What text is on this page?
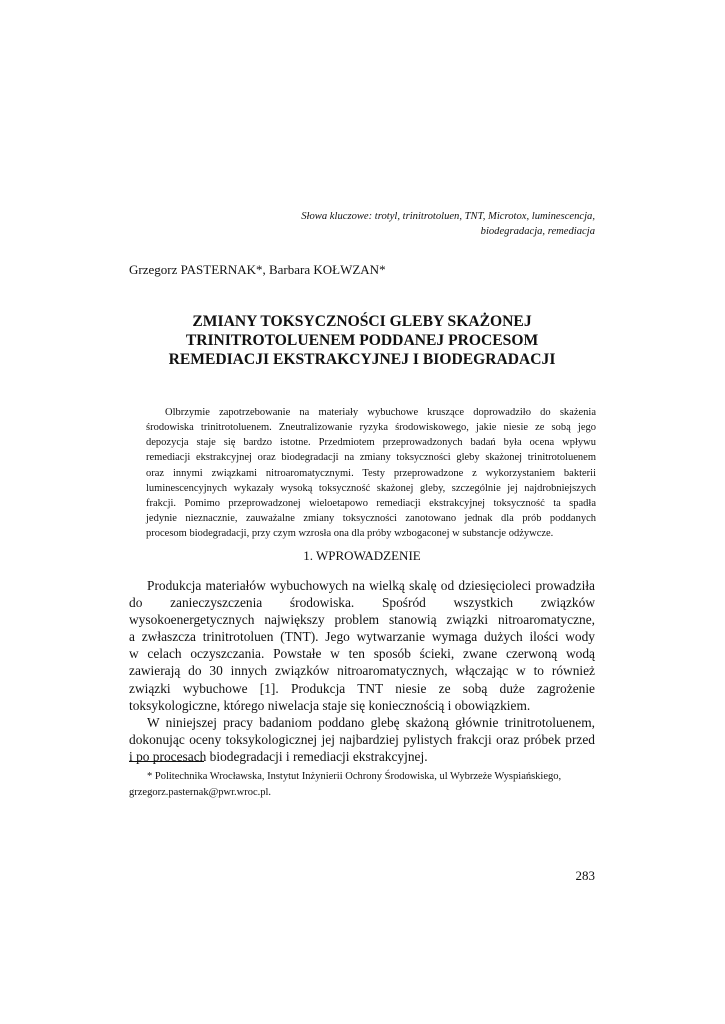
Słowa kluczowe: trotyl, trinitrotoluen, TNT, Microtox, luminescencja,
biodegradacja, remediacja
Grzegorz PASTERNAK*, Barbara KOŁWZAN*
ZMIANY TOKSYCZNOŚCI GLEBY SKAŻONEJ
TRINITROTOLUENEM PODDANEJ PROCESOM
REMEDIACJI EKSTRAKCYJNEJ I BIODEGRADACJI
Olbrzymie zapotrzebowanie na materiały wybuchowe kruszące doprowadziło do skażenia
środowiska trinitrotoluenem. Zneutralizowanie ryzyka środowiskowego, jakie niesie ze sobą jego
depozycja staje się bardzo istotne. Przedmiotem przeprowadzonych badań była ocena wpływu
remediacji ekstrakcyjnej oraz biodegradacji na zmiany toksyczności gleby skażonej trinitrotoluenem
oraz innymi związkami nitroaromatycznymi. Testy przeprowadzone z wykorzystaniem bakterii
luminescencyjnych wykazały wysoką toksyczność skażonej gleby, szczególnie jej najdrobniejszych
frakcji. Pomimo przeprowadzonej wieloetapowo remediacji ekstrakcyjnej toksyczność ta spadła
jedynie nieznacznie, zauważalne zmiany toksyczności zanotowano jednak dla prób poddanych
procesom biodegradacji, przy czym wzrosła ona dla próby wzbogaconej w substancje odżywcze.
1. WPROWADZENIE
Produkcja materiałów wybuchowych na wielką skalę od dziesięcioleci prowadziła
do zanieczyszczenia środowiska. Spośród wszystkich związków
wysokoenergetycznych największy problem stanowią związki nitroaromatyczne,
a zwłaszcza trinitrotoluen (TNT). Jego wytwarzanie wymaga dużych ilości wody
w celach oczyszczania. Powstałe w ten sposób ścieki, zwane czerwoną wodą
zawierają do 30 innych związków nitroaromatycznych, włączając w to również
związki wybuchowe [1]. Produkcja TNT niesie ze sobą duże zagrożenie
toksykologiczne, którego niwelacja staje się koniecznością i obowiązkiem.
W niniejszej pracy badaniom poddano glebę skażoną głównie trinitrotoluenem,
dokonując oceny toksykologicznej jej najbardziej pylistych frakcji oraz próbek przed
i po procesach biodegradacji i remediacji ekstrakcyjnej.
* Politechnika Wrocławska, Instytut Inżynierii Ochrony Środowiska, ul Wybrzeże Wyspiańskiego,
grzegorz.pasternak@pwr.wroc.pl.
283
